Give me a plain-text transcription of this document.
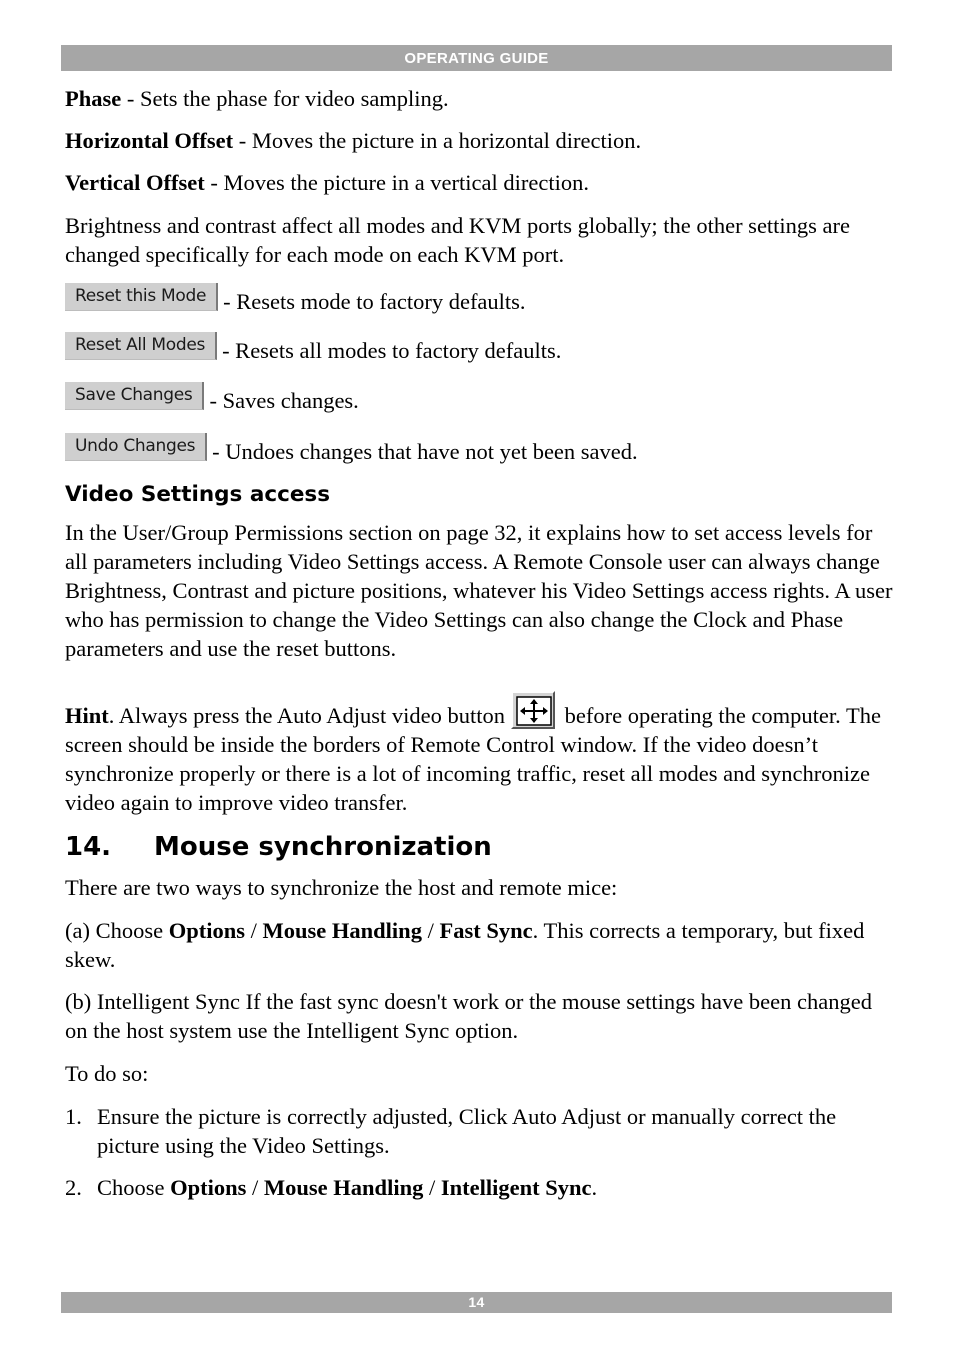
OPERATING GUIDE

Phase - Sets the phase for video sampling.

Horizontal Offset - Moves the picture in a horizontal direction.

Vertical Offset - Moves the picture in a vertical direction.

Brightness and contrast affect all modes and KVM ports globally; the other settings are changed specifically for each mode on each KVM port.

Reset this Mode - Resets mode to factory defaults.
Reset All Modes - Resets all modes to factory defaults.
Save Changes - Saves changes.
Undo Changes - Undoes changes that have not yet been saved.
Video Settings access

In the User/Group Permissions section on page 32, it explains how to set access levels for all parameters including Video Settings access. A Remote Console user can always change Brightness, Contrast and picture positions, whatever his Video Settings access rights. A user who has permission to change the Video Settings can also change the Clock and Phase parameters and use the reset buttons.

Hint. Always press the Auto Adjust video button
before operating the computer. The screen should be inside the borders of Remote Control window. If the video doesn’t synchronize properly or there is a lot of incoming traffic, reset all modes and synchronize video again to improve video transfer.

14. Mouse synchronization

There are two ways to synchronize the host and remote mice:

(a) Choose Options / Mouse Handling / Fast Sync. This corrects a temporary, but fixed skew.

(b) Intelligent Sync If the fast sync doesn't work or the mouse settings have been changed on the host system use the Intelligent Sync option.

To do so:

1. Ensure the picture is correctly adjusted, Click Auto Adjust or manually correct the picture using the Video Settings.
2. Choose Options / Mouse Handling / Intelligent Sync.
14
